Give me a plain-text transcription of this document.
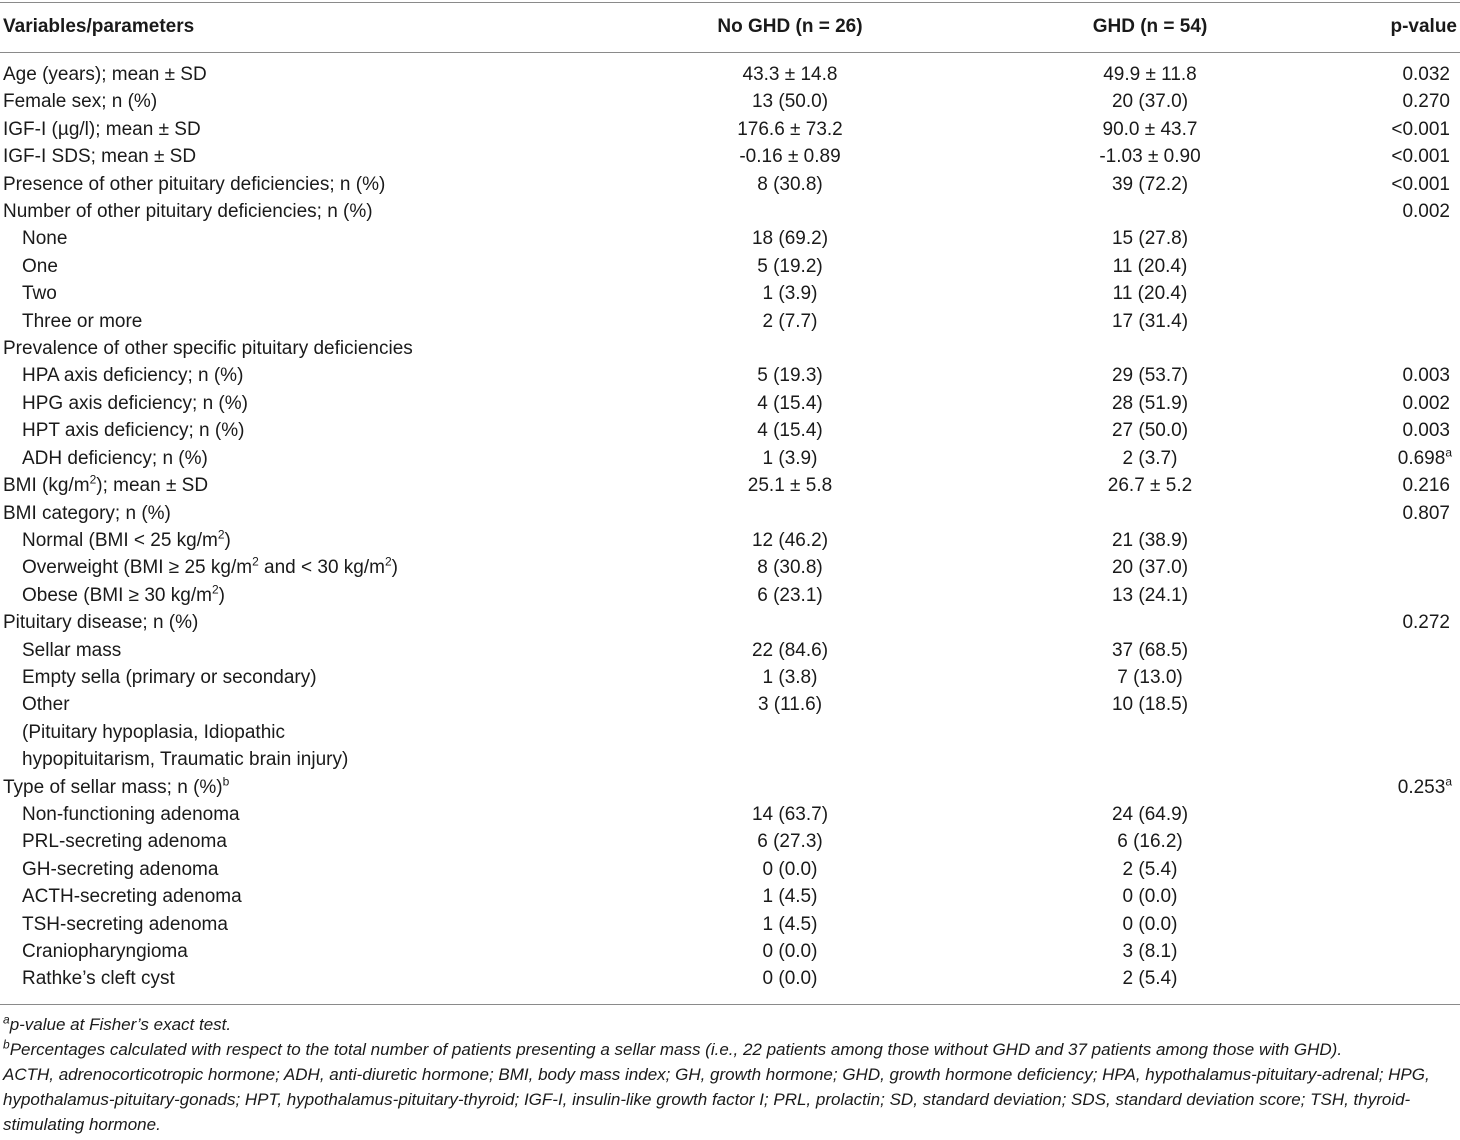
Variables/parameters	No GHD (n = 26)	GHD (n = 54)	p-value

Age (years); mean ± SD	43.3 ± 14.8	49.9 ± 11.8	0.032
Female sex; n (%)	13 (50.0)	20 (37.0)	0.270
IGF-I (µg/l); mean ± SD	176.6 ± 73.2	90.0 ± 43.7	<0.001
IGF-I SDS; mean ± SD	-0.16 ± 0.89	-1.03 ± 0.90	<0.001
Presence of other pituitary deficiencies; n (%)	8 (30.8)	39 (72.2)	<0.001
Number of other pituitary deficiencies; n (%)			0.002
None	18 (69.2)	15 (27.8)	
One	5 (19.2)	11 (20.4)	
Two	1 (3.9)	11 (20.4)	
Three or more	2 (7.7)	17 (31.4)	
Prevalence of other specific pituitary deficiencies			
HPA axis deficiency; n (%)	5 (19.3)	29 (53.7)	0.003
HPG axis deficiency; n (%)	4 (15.4)	28 (51.9)	0.002
HPT axis deficiency; n (%)	4 (15.4)	27 (50.0)	0.003
ADH deficiency; n (%)	1 (3.9)	2 (3.7)	0.698$^a$
BMI $(kg/m^2)$; mean ± SD	25.1 ± 5.8	26.7 ± 5.2	0.216
BMI category; n (%)			0.807
Normal (BMI < 25 $kg/m^2$)	12 (46.2)	21 (38.9)	
Overweight (BMI ≥ 25 $kg/m^2$ and < 30 $kg/m^2$)	8 (30.8)	20 (37.0)	
Obese (BMI ≥ 30 $kg/m^2$)	6 (23.1)	13 (24.1)	
Pituitary disease; n (%)			0.272
Sellar mass	22 (84.6)	37 (68.5)	
Empty sella (primary or secondary)	1 (3.8)	7 (13.0)	
Other	3 (11.6)	10 (18.5)	
(Pituitary hypoplasia, Idiopathic			
hypopituitarism, Traumatic brain injury)			
Type of sellar mass; n (%)$^b$			0.253$^a$
Non-functioning adenoma	14 (63.7)	24 (64.9)	
PRL-secreting adenoma	6 (27.3)	6 (16.2)	
GH-secreting adenoma	0 (0.0)	2 (5.4)	
ACTH-secreting adenoma	1 (4.5)	0 (0.0)	
TSH-secreting adenoma	1 (4.5)	0 (0.0)	
Craniopharyngioma	0 (0.0)	3 (8.1)	
Rathke’s cleft cyst	0 (0.0)	2 (5.4)	

$^a$p-value at Fisher’s exact test.

$^b$Percentages calculated with respect to the total number of patients presenting a sellar mass (i.e., 22 patients among those without GHD and 37 patients among those with GHD).

ACTH, adrenocorticotropic hormone; ADH, anti-diuretic hormone; BMI, body mass index; GH, growth hormone; GHD, growth hormone deficiency; HPA, hypothalamus-pituitary-adrenal; HPG, hypothalamus-pituitary-gonads; HPT, hypothalamus-pituitary-thyroid; IGF-I, insulin-like growth factor I; PRL, prolactin; SD, standard deviation; SDS, standard deviation score; TSH, thyroid-stimulating hormone.
